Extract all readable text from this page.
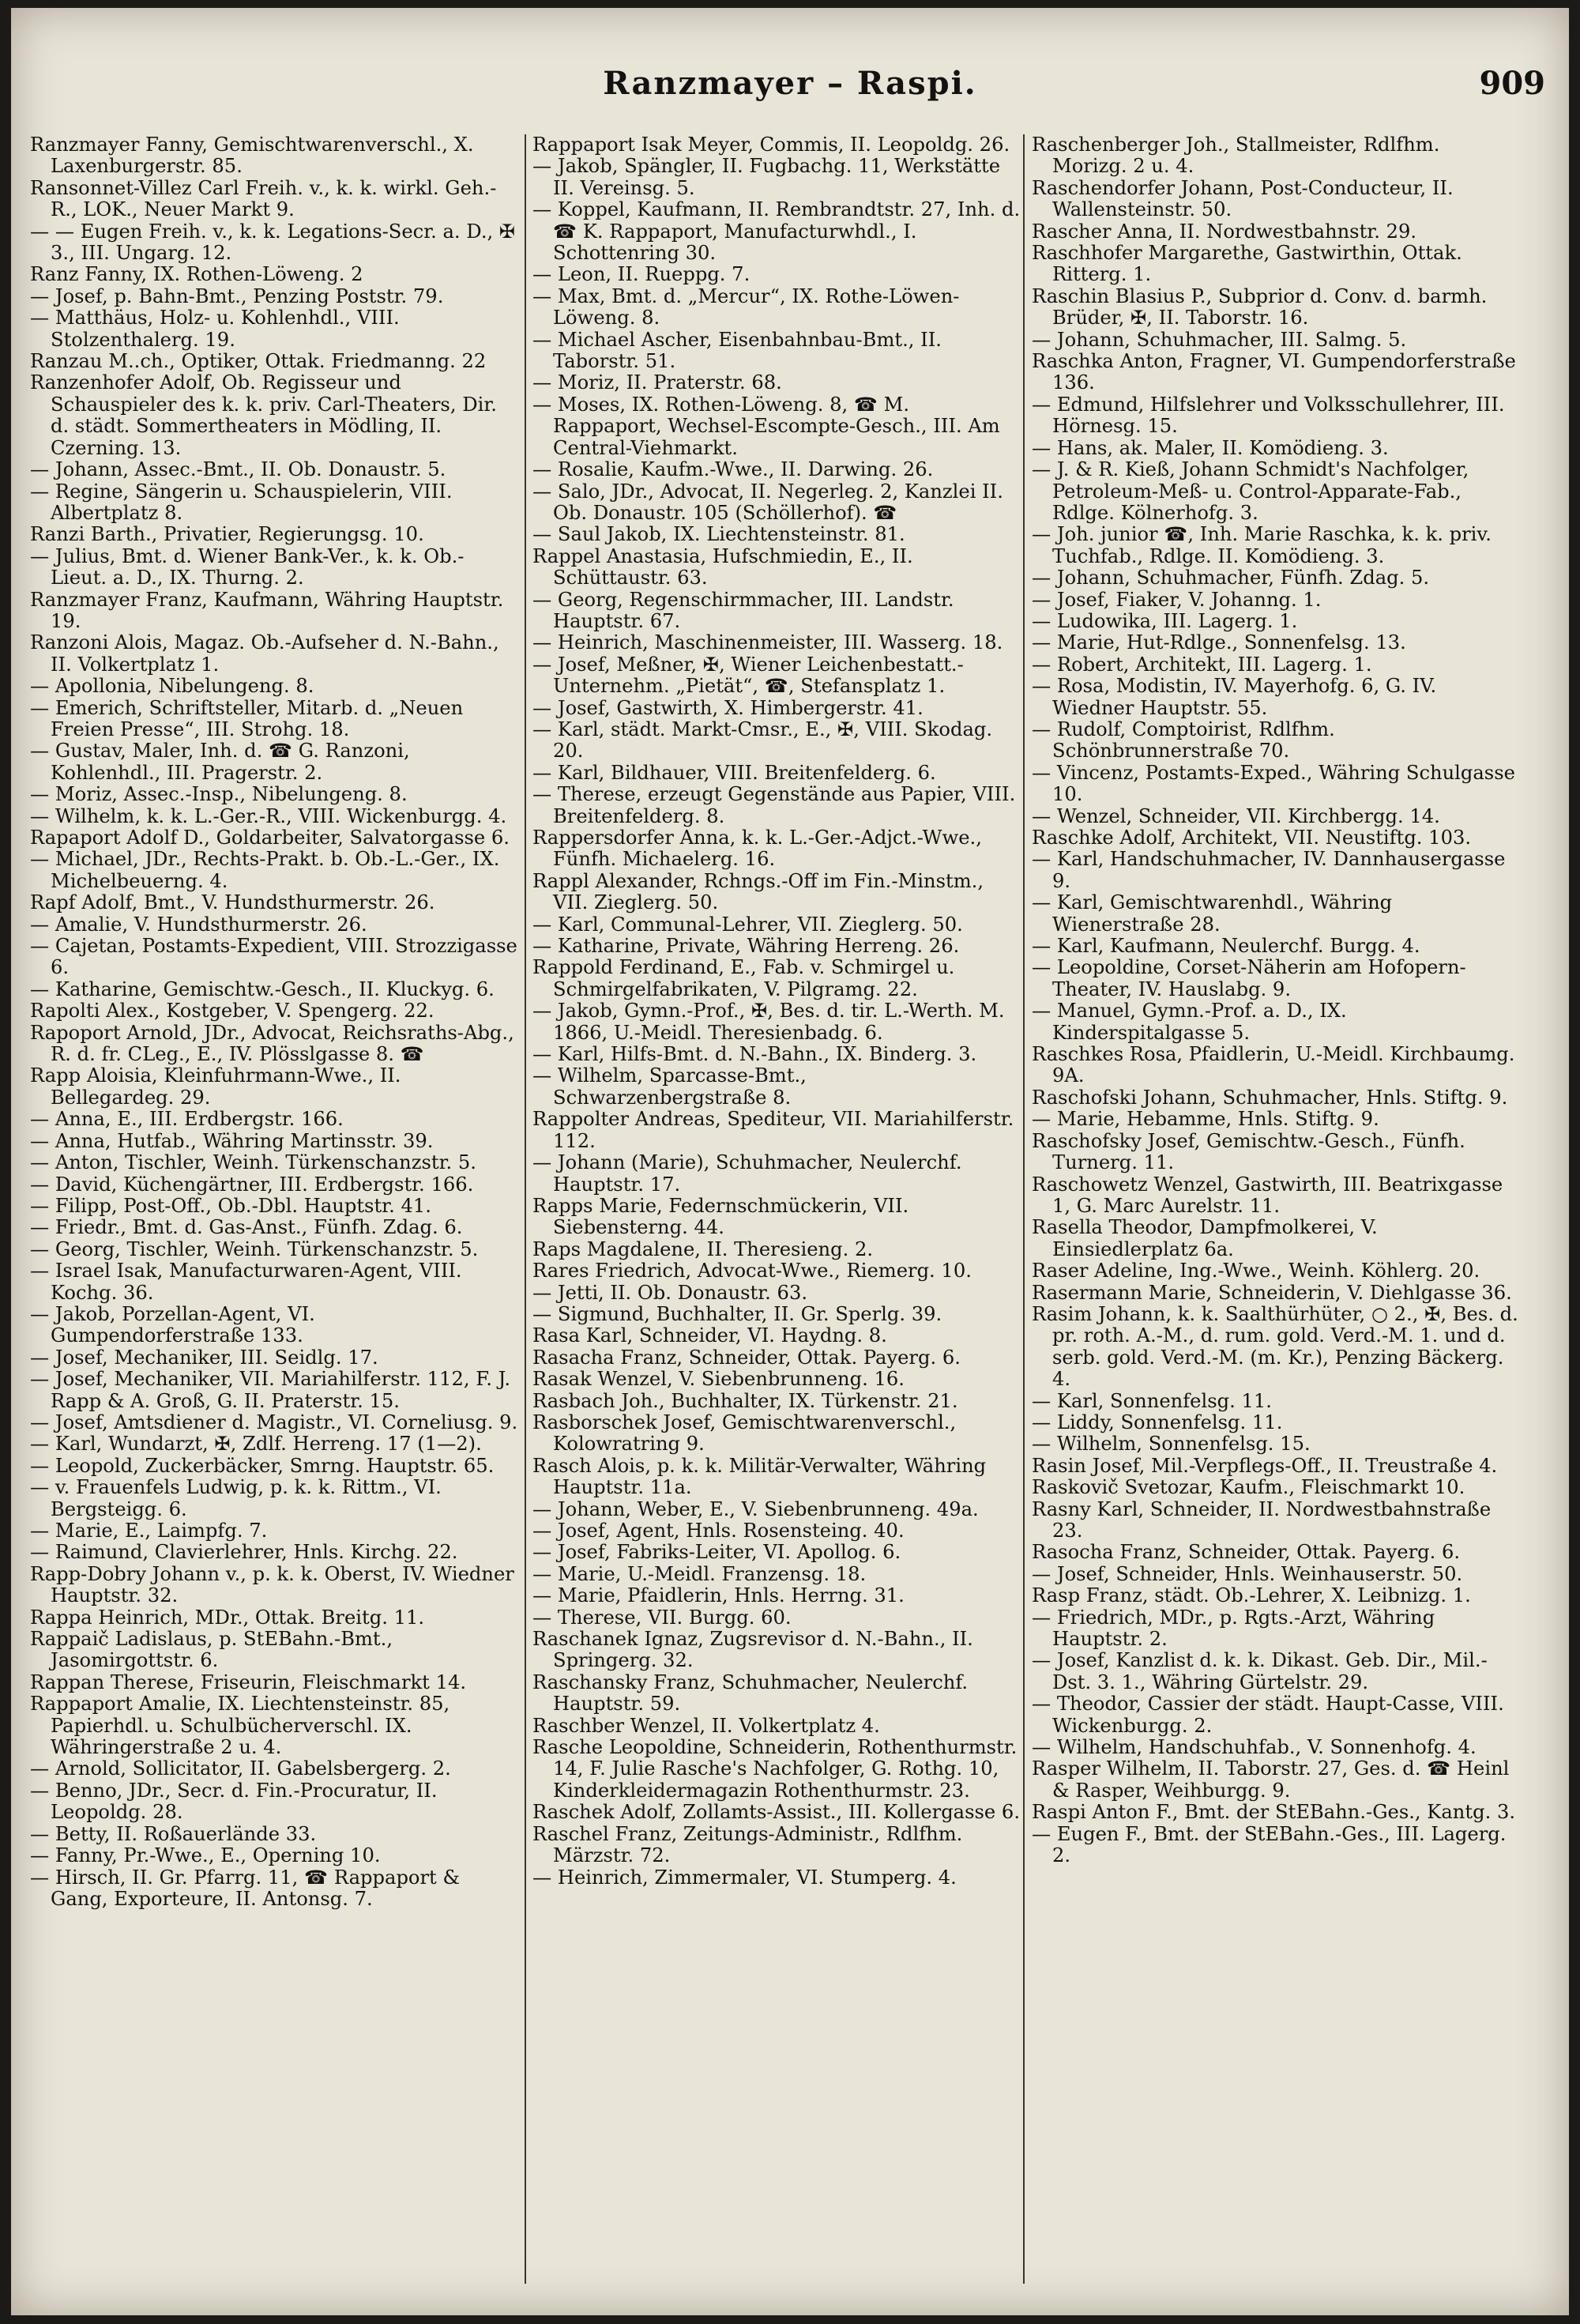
Ranzmayer – Raspi.	909

Ranzmayer Fanny, Gemischtwarenverschl., X. Laxenburgerstr. 85.

Ransonnet-Villez Carl Freih. v., k. k. wirkl. Geh.-R., LOK., Neuer Markt 9.

— — Eugen Freih. v., k. k. Legations-Secr. a. D., ✠ 3., III. Ungarg. 12.

Ranz Fanny, IX. Rothen-Löweng. 2

— Josef, p. Bahn-Bmt., Penzing Poststr. 79.

— Matthäus, Holz- u. Kohlenhdl., VIII. Stolzenthalerg. 19.

Ranzau M..ch., Optiker, Ottak. Friedmanng. 22

Ranzenhofer Adolf, Ob. Regisseur und Schauspieler des k. k. priv. Carl-Theaters, Dir. d. städt. Sommertheaters in Mödling, II. Czerning. 13.

— Johann, Assec.-Bmt., II. Ob. Donaustr. 5.

— Regine, Sängerin u. Schauspielerin, VIII. Albertplatz 8.

Ranzi Barth., Privatier, Regierungsg. 10.

— Julius, Bmt. d. Wiener Bank-Ver., k. k. Ob.-Lieut. a. D., IX. Thurng. 2.

Ranzmayer Franz, Kaufmann, Währing Hauptstr. 19.

Ranzoni Alois, Magaz. Ob.-Aufseher d. N.-Bahn., II. Volkertplatz 1.

— Apollonia, Nibelungeng. 8.

— Emerich, Schriftsteller, Mitarb. d. „Neuen Freien Presse“, III. Strohg. 18.

— Gustav, Maler, Inh. d. ☎ G. Ranzoni, Kohlenhdl., III. Pragerstr. 2.

— Moriz, Assec.-Insp., Nibelungeng. 8.

— Wilhelm, k. k. L.-Ger.-R., VIII. Wickenburgg. 4.

Rapaport Adolf D., Goldarbeiter, Salvatorgasse 6.

— Michael, JDr., Rechts-Prakt. b. Ob.-L.-Ger., IX. Michelbeuerng. 4.

Rapf Adolf, Bmt., V. Hundsthurmerstr. 26.

— Amalie, V. Hundsthurmerstr. 26.

— Cajetan, Postamts-Expedient, VIII. Strozzigasse 6.

— Katharine, Gemischtw.-Gesch., II. Kluckyg. 6.

Rapolti Alex., Kostgeber, V. Spengerg. 22.

Rapoport Arnold, JDr., Advocat, Reichsraths-Abg., R. d. fr. CLeg., E., IV. Plösslgasse 8. ☎

Rapp Aloisia, Kleinfuhrmann-Wwe., II. Bellegardeg. 29.

— Anna, E., III. Erdbergstr. 166.

— Anna, Hutfab., Währing Martinsstr. 39.

— Anton, Tischler, Weinh. Türkenschanzstr. 5.

— David, Küchengärtner, III. Erdbergstr. 166.

— Filipp, Post-Off., Ob.-Dbl. Hauptstr. 41.

— Friedr., Bmt. d. Gas-Anst., Fünfh. Zdag. 6.

— Georg, Tischler, Weinh. Türkenschanzstr. 5.

— Israel Isak, Manufacturwaren-Agent, VIII. Kochg. 36.

— Jakob, Porzellan-Agent, VI. Gumpendorferstraße 133.

— Josef, Mechaniker, III. Seidlg. 17.

— Josef, Mechaniker, VII. Mariahilferstr. 112, F. J. Rapp & A. Groß, G. II. Praterstr. 15.

— Josef, Amtsdiener d. Magistr., VI. Corneliusg. 9.

— Karl, Wundarzt, ✠, Zdlf. Herreng. 17 (1—2).

— Leopold, Zuckerbäcker, Smrng. Hauptstr. 65.

— v. Frauenfels Ludwig, p. k. k. Rittm., VI. Bergsteigg. 6.

— Marie, E., Laimpfg. 7.

— Raimund, Clavierlehrer, Hnls. Kirchg. 22.

Rapp-Dobry Johann v., p. k. k. Oberst, IV. Wiedner Hauptstr. 32.

Rappa Heinrich, MDr., Ottak. Breitg. 11.

Rappaič Ladislaus, p. StEBahn.-Bmt., Jasomirgottstr. 6.

Rappan Therese, Friseurin, Fleischmarkt 14.

Rappaport Amalie, IX. Liechtensteinstr. 85, Papierhdl. u. Schulbücherverschl. IX. Währingerstraße 2 u. 4.

— Arnold, Sollicitator, II. Gabelsbergerg. 2.

— Benno, JDr., Secr. d. Fin.-Procuratur, II. Leopoldg. 28.

— Betty, II. Roßauerlände 33.

— Fanny, Pr.-Wwe., E., Operning 10.

— Hirsch, II. Gr. Pfarrg. 11, ☎ Rappaport & Gang, Exporteure, II. Antonsg. 7.

Rappaport Isak Meyer, Commis, II. Leopoldg. 26.

— Jakob, Spängler, II. Fugbachg. 11, Werkstätte II. Vereinsg. 5.

— Koppel, Kaufmann, II. Rembrandtstr. 27, Inh. d. ☎ K. Rappaport, Manufacturwhdl., I. Schottenring 30.

— Leon, II. Rueppg. 7.

— Max, Bmt. d. „Mercur“, IX. Rothe-Löwen-Löweng. 8.

— Michael Ascher, Eisenbahnbau-Bmt., II. Taborstr. 51.

— Moriz, II. Praterstr. 68.

— Moses, IX. Rothen-Löweng. 8, ☎ M. Rappaport, Wechsel-Escompte-Gesch., III. Am Central-Viehmarkt.

— Rosalie, Kaufm.-Wwe., II. Darwing. 26.

— Salo, JDr., Advocat, II. Negerleg. 2, Kanzlei II. Ob. Donaustr. 105 (Schöllerhof). ☎

— Saul Jakob, IX. Liechtensteinstr. 81.

Rappel Anastasia, Hufschmiedin, E., II. Schüttaustr. 63.

— Georg, Regenschirmmacher, III. Landstr. Hauptstr. 67.

— Heinrich, Maschinenmeister, III. Wasserg. 18.

— Josef, Meßner, ✠, Wiener Leichenbestatt.-Unternehm. „Pietät“, ☎, Stefansplatz 1.

— Josef, Gastwirth, X. Himbergerstr. 41.

— Karl, städt. Markt-Cmsr., E., ✠, VIII. Skodag. 20.

— Karl, Bildhauer, VIII. Breitenfelderg. 6.

— Therese, erzeugt Gegenstände aus Papier, VIII. Breitenfelderg. 8.

Rappersdorfer Anna, k. k. L.-Ger.-Adjct.-Wwe., Fünfh. Michaelerg. 16.

Rappl Alexander, Rchngs.-Off im Fin.-Minstm., VII. Zieglerg. 50.

— Karl, Communal-Lehrer, VII. Zieglerg. 50.

— Katharine, Private, Währing Herreng. 26.

Rappold Ferdinand, E., Fab. v. Schmirgel u. Schmirgelfabrikaten, V. Pilgramg. 22.

— Jakob, Gymn.-Prof., ✠, Bes. d. tir. L.-Werth. M. 1866, U.-Meidl. Theresienbadg. 6.

— Karl, Hilfs-Bmt. d. N.-Bahn., IX. Binderg. 3.

— Wilhelm, Sparcasse-Bmt., Schwarzenbergstraße 8.

Rappolter Andreas, Spediteur, VII. Mariahilferstr. 112.

— Johann (Marie), Schuhmacher, Neulerchf. Hauptstr. 17.

Rapps Marie, Federnschmückerin, VII. Siebensterng. 44.

Raps Magdalene, II. Theresieng. 2.

Rares Friedrich, Advocat-Wwe., Riemerg. 10.

— Jetti, II. Ob. Donaustr. 63.

— Sigmund, Buchhalter, II. Gr. Sperlg. 39.

Rasa Karl, Schneider, VI. Haydng. 8.

Rasacha Franz, Schneider, Ottak. Payerg. 6.

Rasak Wenzel, V. Siebenbrunneng. 16.

Rasbach Joh., Buchhalter, IX. Türkenstr. 21.

Rasborschek Josef, Gemischtwarenverschl., Kolowratring 9.

Rasch Alois, p. k. k. Militär-Verwalter, Währing Hauptstr. 11a.

— Johann, Weber, E., V. Siebenbrunneng. 49a.

— Josef, Agent, Hnls. Rosensteing. 40.

— Josef, Fabriks-Leiter, VI. Apollog. 6.

— Marie, U.-Meidl. Franzensg. 18.

— Marie, Pfaidlerin, Hnls. Herrng. 31.

— Therese, VII. Burgg. 60.

Raschanek Ignaz, Zugsrevisor d. N.-Bahn., II. Springerg. 32.

Raschansky Franz, Schuhmacher, Neulerchf. Hauptstr. 59.

Raschber Wenzel, II. Volkertplatz 4.

Rasche Leopoldine, Schneiderin, Rothenthurmstr. 14, F. Julie Rasche's Nachfolger, G. Rothg. 10, Kinderkleidermagazin Rothenthurmstr. 23.

Raschek Adolf, Zollamts-Assist., III. Kollergasse 6.

Raschel Franz, Zeitungs-Administr., Rdlfhm. Märzstr. 72.

— Heinrich, Zimmermaler, VI. Stumperg. 4.

Raschenberger Joh., Stallmeister, Rdlfhm. Morizg. 2 u. 4.

Raschendorfer Johann, Post-Conducteur, II. Wallensteinstr. 50.

Rascher Anna, II. Nordwestbahnstr. 29.

Raschhofer Margarethe, Gastwirthin, Ottak. Ritterg. 1.

Raschin Blasius P., Subprior d. Conv. d. barmh. Brüder, ✠, II. Taborstr. 16.

— Johann, Schuhmacher, III. Salmg. 5.

Raschka Anton, Fragner, VI. Gumpendorferstraße 136.

— Edmund, Hilfslehrer und Volksschullehrer, III. Hörnesg. 15.

— Hans, ak. Maler, II. Komödieng. 3.

— J. & R. Kieß, Johann Schmidt's Nachfolger, Petroleum-Meß- u. Control-Apparate-Fab., Rdlge. Kölnerhofg. 3.

— Joh. junior ☎, Inh. Marie Raschka, k. k. priv. Tuchfab., Rdlge. II. Komödieng. 3.

— Johann, Schuhmacher, Fünfh. Zdag. 5.

— Josef, Fiaker, V. Johanng. 1.

— Ludowika, III. Lagerg. 1.

— Marie, Hut-Rdlge., Sonnenfelsg. 13.

— Robert, Architekt, III. Lagerg. 1.

— Rosa, Modistin, IV. Mayerhofg. 6, G. IV. Wiedner Hauptstr. 55.

— Rudolf, Comptoirist, Rdlfhm. Schönbrunnerstraße 70.

— Vincenz, Postamts-Exped., Währing Schulgasse 10.

— Wenzel, Schneider, VII. Kirchbergg. 14.

Raschke Adolf, Architekt, VII. Neustiftg. 103.

— Karl, Handschuhmacher, IV. Dannhausergasse 9.

— Karl, Gemischtwarenhdl., Währing Wienerstraße 28.

— Karl, Kaufmann, Neulerchf. Burgg. 4.

— Leopoldine, Corset-Näherin am Hofopern-Theater, IV. Hauslabg. 9.

— Manuel, Gymn.-Prof. a. D., IX. Kinderspitalgasse 5.

Raschkes Rosa, Pfaidlerin, U.-Meidl. Kirchbaumg. 9A.

Raschofski Johann, Schuhmacher, Hnls. Stiftg. 9.

— Marie, Hebamme, Hnls. Stiftg. 9.

Raschofsky Josef, Gemischtw.-Gesch., Fünfh. Turnerg. 11.

Raschowetz Wenzel, Gastwirth, III. Beatrixgasse 1, G. Marc Aurelstr. 11.

Rasella Theodor, Dampfmolkerei, V. Einsiedlerplatz 6a.

Raser Adeline, Ing.-Wwe., Weinh. Köhlerg. 20.

Rasermann Marie, Schneiderin, V. Diehlgasse 36.

Rasim Johann, k. k. Saalthürhüter, ○ 2., ✠, Bes. d. pr. roth. A.-M., d. rum. gold. Verd.-M. 1. und d. serb. gold. Verd.-M. (m. Kr.), Penzing Bäckerg. 4.

— Karl, Sonnenfelsg. 11.

— Liddy, Sonnenfelsg. 11.

— Wilhelm, Sonnenfelsg. 15.

Rasin Josef, Mil.-Verpflegs-Off., II. Treustraße 4.

Raskovič Svetozar, Kaufm., Fleischmarkt 10.

Rasny Karl, Schneider, II. Nordwestbahnstraße 23.

Rasocha Franz, Schneider, Ottak. Payerg. 6.

— Josef, Schneider, Hnls. Weinhauserstr. 50.

Rasp Franz, städt. Ob.-Lehrer, X. Leibnizg. 1.

— Friedrich, MDr., p. Rgts.-Arzt, Währing Hauptstr. 2.

— Josef, Kanzlist d. k. k. Dikast. Geb. Dir., Mil.-Dst. 3. 1., Währing Gürtelstr. 29.

— Theodor, Cassier der städt. Haupt-Casse, VIII. Wickenburgg. 2.

— Wilhelm, Handschuhfab., V. Sonnenhofg. 4.

Rasper Wilhelm, II. Taborstr. 27, Ges. d. ☎ Heinl & Rasper, Weihburgg. 9.

Raspi Anton F., Bmt. der StEBahn.-Ges., Kantg. 3.

— Eugen F., Bmt. der StEBahn.-Ges., III. Lagerg. 2.
